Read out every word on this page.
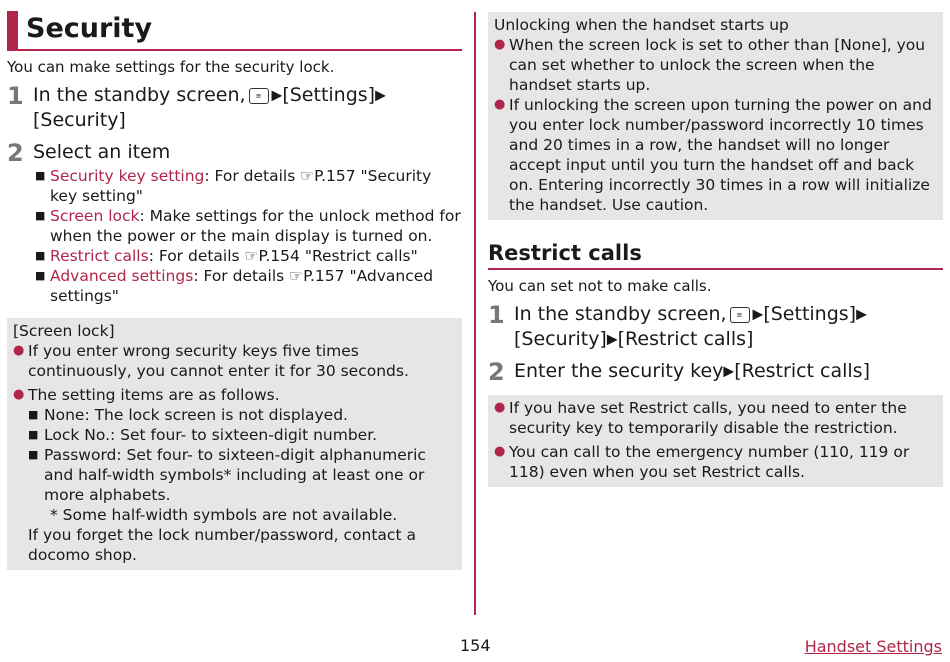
Security

You can make settings for the security lock.

1 In the standby screen, ≡ ▶[Settings]▶
[Security]
2 Select an item
■ Security key setting: For details ☞P.157 "Security key setting"
■ Screen lock: Make settings for the unlock method for when the power or the main display is turned on.
■ Restrict calls: For details ☞P.154 "Restrict calls"
■ Advanced settings: For details ☞P.157 "Advanced settings"
[Screen lock]
● If you enter wrong security keys five times continuously, you cannot enter it for 30 seconds.
● The setting items are as follows.
■ None: The lock screen is not displayed.
■ Lock No.: Set four- to sixteen-digit number.
■ Password: Set four- to sixteen-digit alphanumeric and half-width symbols* including at least one or more alphabets.
* Some half-width symbols are not available.
If you forget the lock number/password, contact a docomo shop.
Unlocking when the handset starts up
● When the screen lock is set to other than [None], you can set whether to unlock the screen when the handset starts up.
● If unlocking the screen upon turning the power on and you enter lock number/password incorrectly 10 times and 20 times in a row, the handset will no longer accept input until you turn the handset off and back on. Entering incorrectly 30 times in a row will initialize the handset. Use caution.
Restrict calls

You can set not to make calls.

1 In the standby screen, ≡ ▶[Settings]▶
[Security]▶[Restrict calls]
2 Enter the security key▶[Restrict calls]
● If you have set Restrict calls, you need to enter the security key to temporarily disable the restriction.
● You can call to the emergency number (110, 119 or 118) even when you set Restrict calls.
154	Handset Settings
